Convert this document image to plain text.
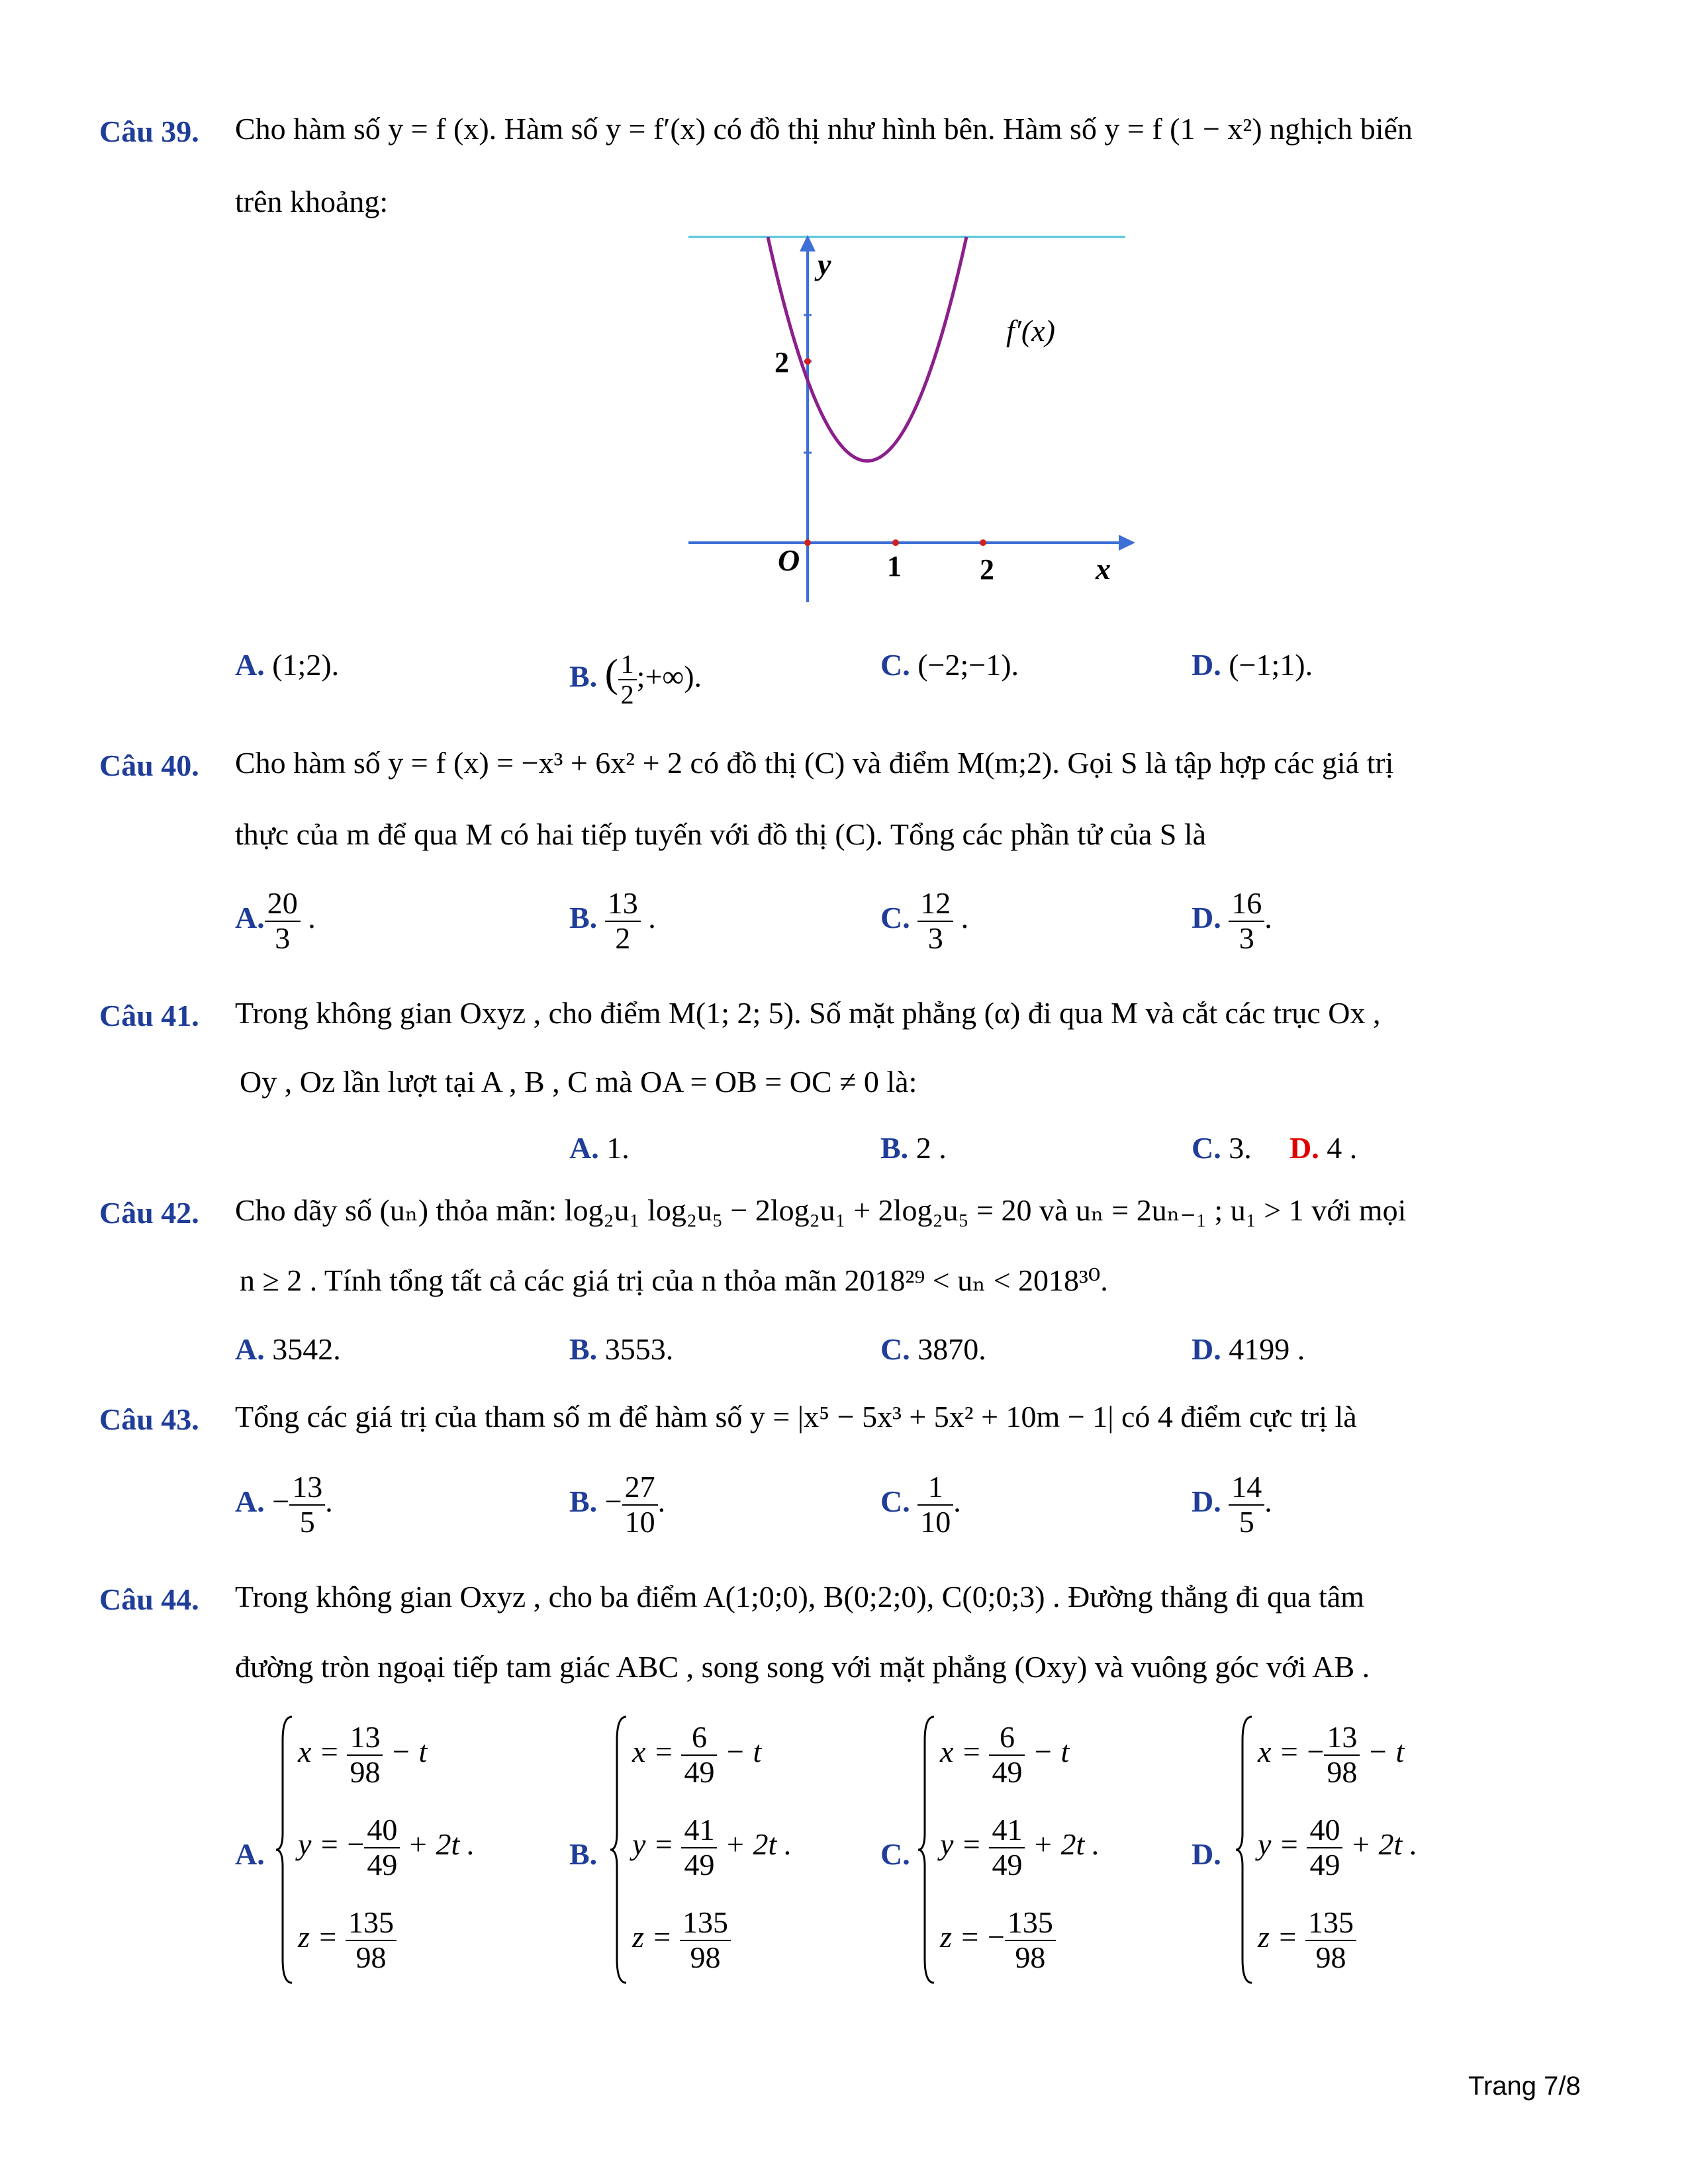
Câu 39. Cho hàm số y = f (x). Hàm số y = f′(x) có đồ thị như hình bên. Hàm số y = f (1 − x²) nghịch biến
trên khoảng:
y
O
2
1	2	x
f′(x)
A. (1;2).	B. ( $\frac{1}{2}$ ;+∞).	C. (−2;−1).	D. (−1;1).
Câu 40. Cho hàm số y = f (x) = −x³ + 6x² + 2 có đồ thị (C) và điểm M(m;2). Gọi S là tập hợp các giá trị
thực của m để qua M có hai tiếp tuyến với đồ thị (C). Tổng các phần tử của S là
A. $\frac{20}{3}$ .	B. $\frac{13}{2}$ .	C. $\frac{12}{3}$ .	D. $\frac{16}{3}$ .
Câu 41. Trong không gian Oxyz , cho điểm M(1; 2; 5). Số mặt phẳng (α) đi qua M và cắt các trục Ox ,
Oy , Oz lần lượt tại A , B , C mà OA = OB = OC ≠ 0 là:
A. 1.	B. 2 .	C. 3. D. 4 .
Câu 42. Cho dãy số (uₙ) thỏa mãn: log₂u₁ log₂u₅ − 2log₂u₁ + 2log₂u₅ = 20 và uₙ = 2uₙ₋₁ ; u₁ > 1 với mọi
n ≥ 2 . Tính tổng tất cả các giá trị của n thỏa mãn 2018²⁹ < uₙ < 2018³⁰.
A. 3542.	B. 3553.	C. 3870.	D. 4199 .
Câu 43. Tổng các giá trị của tham số m để hàm số y = |x⁵ − 5x³ + 5x² + 10m − 1| có 4 điểm cực trị là
A. − $\frac{13}{5}$ .	B. − $\frac{27}{10}$ .	C. $\frac{1}{10}$ .	D. $\frac{14}{5}$ .
Câu 44. Trong không gian Oxyz , cho ba điểm A(1;0;0), B(0;2;0), C(0;0;3) . Đường thẳng đi qua tâm
đường tròn ngoại tiếp tam giác ABC , song song với mặt phẳng (Oxy) và vuông góc với AB .
A.
$x = \frac{13}{98} - t$
y = − $\frac{40}{49} + 2t$ .
$z = \frac{135}{98}$
B.
$x = \frac{6}{49} - t$
$y = \frac{41}{49} + 2t$ .
$z = \frac{135}{98}$
C.
$x = \frac{6}{49} - t$
$y = \frac{41}{49} + 2t$ .
z = − $\frac{135}{98}$
D.
x = − $\frac{13}{98} - t$
$y = \frac{40}{49} + 2t$ .
$z = \frac{135}{98}$
Trang 7/8
